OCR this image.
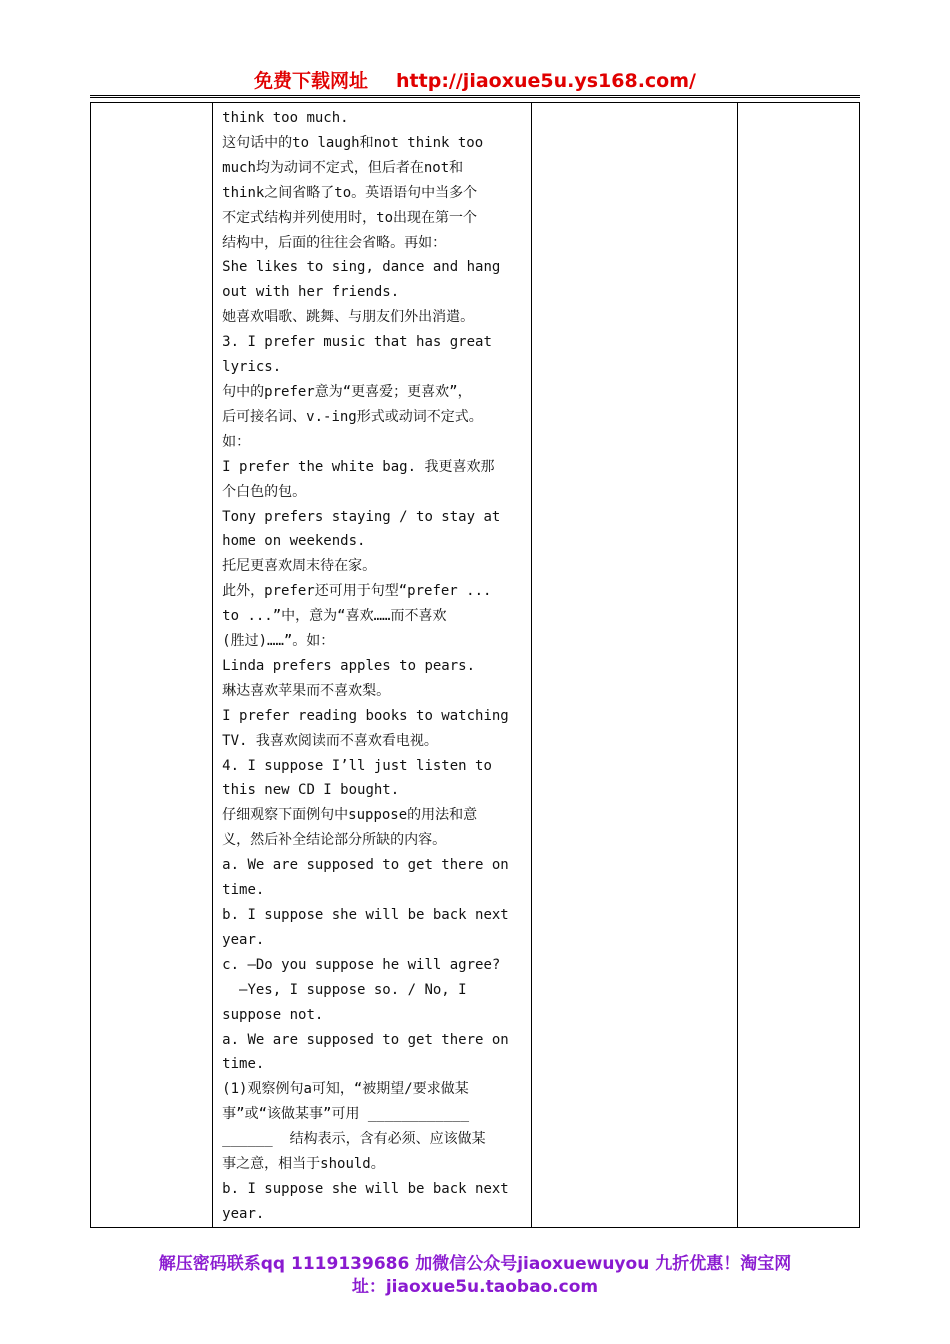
免费下载网址 http://jiaoxue5u.ys168.com/

think too much.

这句话中的to laugh和not think too

much均为动词不定式，但后者在not和

think之间省略了to。英语语句中当多个

不定式结构并列使用时，to出现在第一个

结构中，后面的往往会省略。再如：

She likes to sing, dance and hang

out with her friends.

她喜欢唱歌、跳舞、与朋友们外出消遣。

3. I prefer music that has great

lyrics.

句中的prefer意为“更喜爱；更喜欢”，

后可接名词、v.-ing形式或动词不定式。

如：

I prefer the white bag. 我更喜欢那

个白色的包。

Tony prefers staying / to stay at

home on weekends.

托尼更喜欢周末待在家。

此外，prefer还可用于句型“prefer ...

to ...”中，意为“喜欢……而不喜欢

(胜过)……”。如：

Linda prefers apples to pears.

琳达喜欢苹果而不喜欢梨。

I prefer reading books to watching

TV. 我喜欢阅读而不喜欢看电视。

4. I suppose I’ll just listen to

this new CD I bought.

仔细观察下面例句中suppose的用法和意

义，然后补全结论部分所缺的内容。

a. We are supposed to get there on

time.

b. I suppose she will be back next

year.

c. —Do you suppose he will agree?

—Yes, I suppose so. / No, I

suppose not.

a. We are supposed to get there on

time.

(1)观察例句a可知，“被期望/要求做某

事”或“该做某事”可用 ____________

______  结构表示，含有必须、应该做某

事之意，相当于should。

b. I suppose she will be back next

year.

解压密码联系qq 1119139686 加微信公众号jiaoxuewuyou 九折优惠！淘宝网
址：jiaoxue5u.taobao.com
